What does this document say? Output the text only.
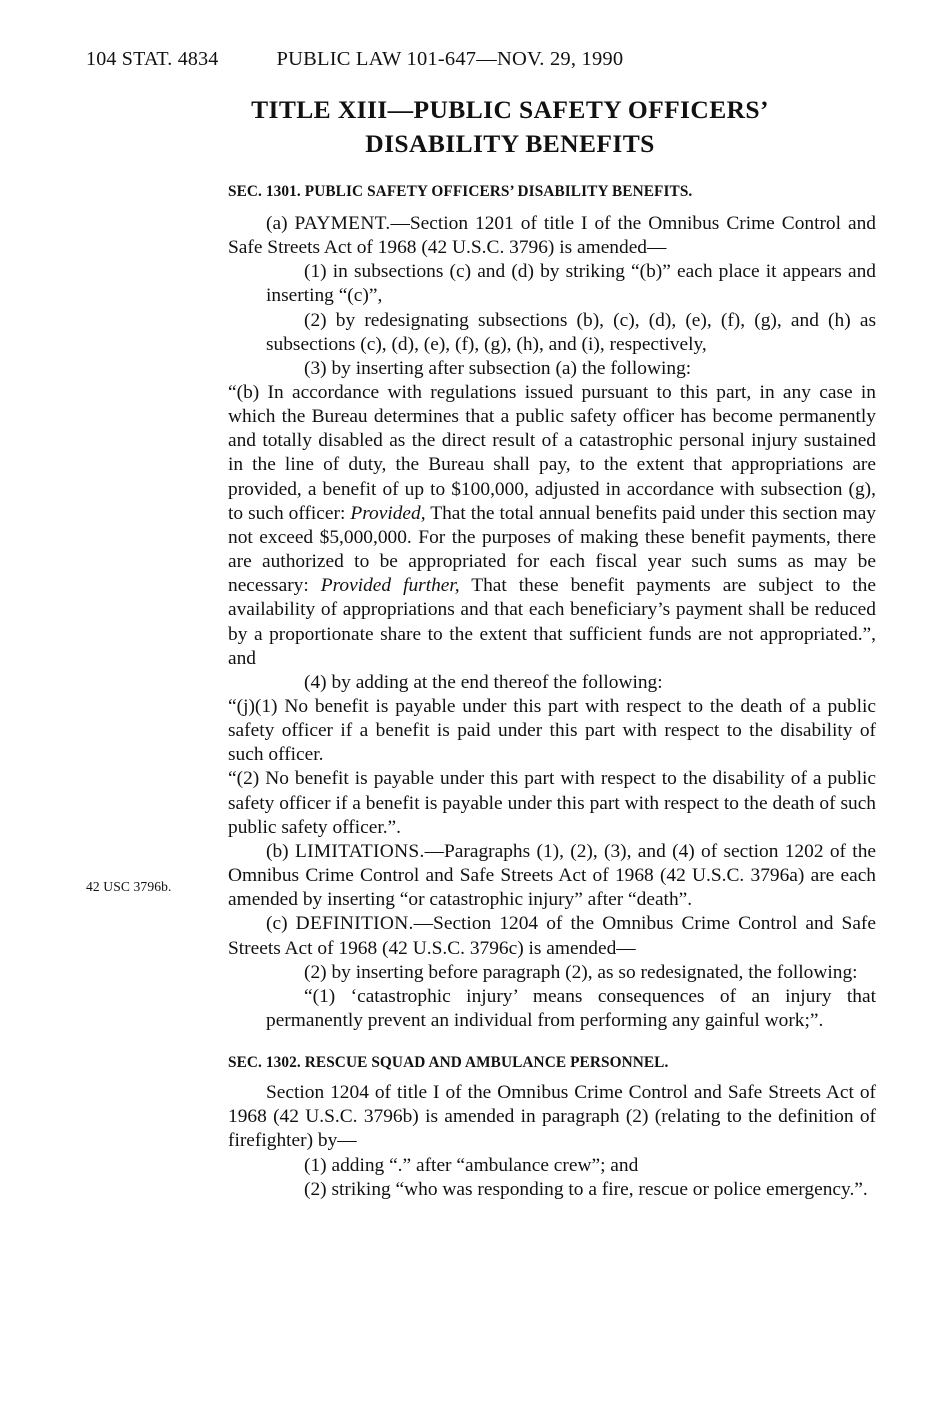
104 STAT. 4834	PUBLIC LAW 101-647—NOV. 29, 1990
TITLE XIII—PUBLIC SAFETY OFFICERS’
DISABILITY BENEFITS
42 USC 3796b.
SEC. 1301. PUBLIC SAFETY OFFICERS’ DISABILITY BENEFITS.

(a) PAYMENT.—Section 1201 of title I of the Omnibus Crime Control and Safe Streets Act of 1968 (42 U.S.C. 3796) is amended—

(1) in subsections (c) and (d) by striking “(b)” each place it appears and inserting “(c)”,

(2) by redesignating subsections (b), (c), (d), (e), (f), (g), and (h) as subsections (c), (d), (e), (f), (g), (h), and (i), respectively,

(3) by inserting after subsection (a) the following:

“(b) In accordance with regulations issued pursuant to this part, in any case in which the Bureau determines that a public safety officer has become permanently and totally disabled as the direct result of a catastrophic personal injury sustained in the line of duty, the Bureau shall pay, to the extent that appropriations are provided, a benefit of up to $100,000, adjusted in accordance with subsection (g), to such officer: Provided, That the total annual benefits paid under this section may not exceed $5,000,000. For the purposes of making these benefit payments, there are authorized to be appropriated for each fiscal year such sums as may be necessary: Provided further, That these benefit payments are subject to the availability of appropriations and that each beneficiary’s payment shall be reduced by a proportionate share to the extent that sufficient funds are not appropriated.”, and

(4) by adding at the end thereof the following:

“(j)(1) No benefit is payable under this part with respect to the death of a public safety officer if a benefit is paid under this part with respect to the disability of such officer.

“(2) No benefit is payable under this part with respect to the disability of a public safety officer if a benefit is payable under this part with respect to the death of such public safety officer.”.

(b) LIMITATIONS.—Paragraphs (1), (2), (3), and (4) of section 1202 of the Omnibus Crime Control and Safe Streets Act of 1968 (42 U.S.C. 3796a) are each amended by inserting “or catastrophic injury” after “death”.

(c) DEFINITION.—Section 1204 of the Omnibus Crime Control and Safe Streets Act of 1968 (42 U.S.C. 3796c) is amended—

(2) by inserting before paragraph (2), as so redesignated, the following:

“(1) ‘catastrophic injury’ means consequences of an injury that permanently prevent an individual from performing any gainful work;”.

SEC. 1302. RESCUE SQUAD AND AMBULANCE PERSONNEL.

Section 1204 of title I of the Omnibus Crime Control and Safe Streets Act of 1968 (42 U.S.C. 3796b) is amended in paragraph (2) (relating to the definition of firefighter) by—

(1) adding “.” after “ambulance crew”; and

(2) striking “who was responding to a fire, rescue or police emergency.”.
